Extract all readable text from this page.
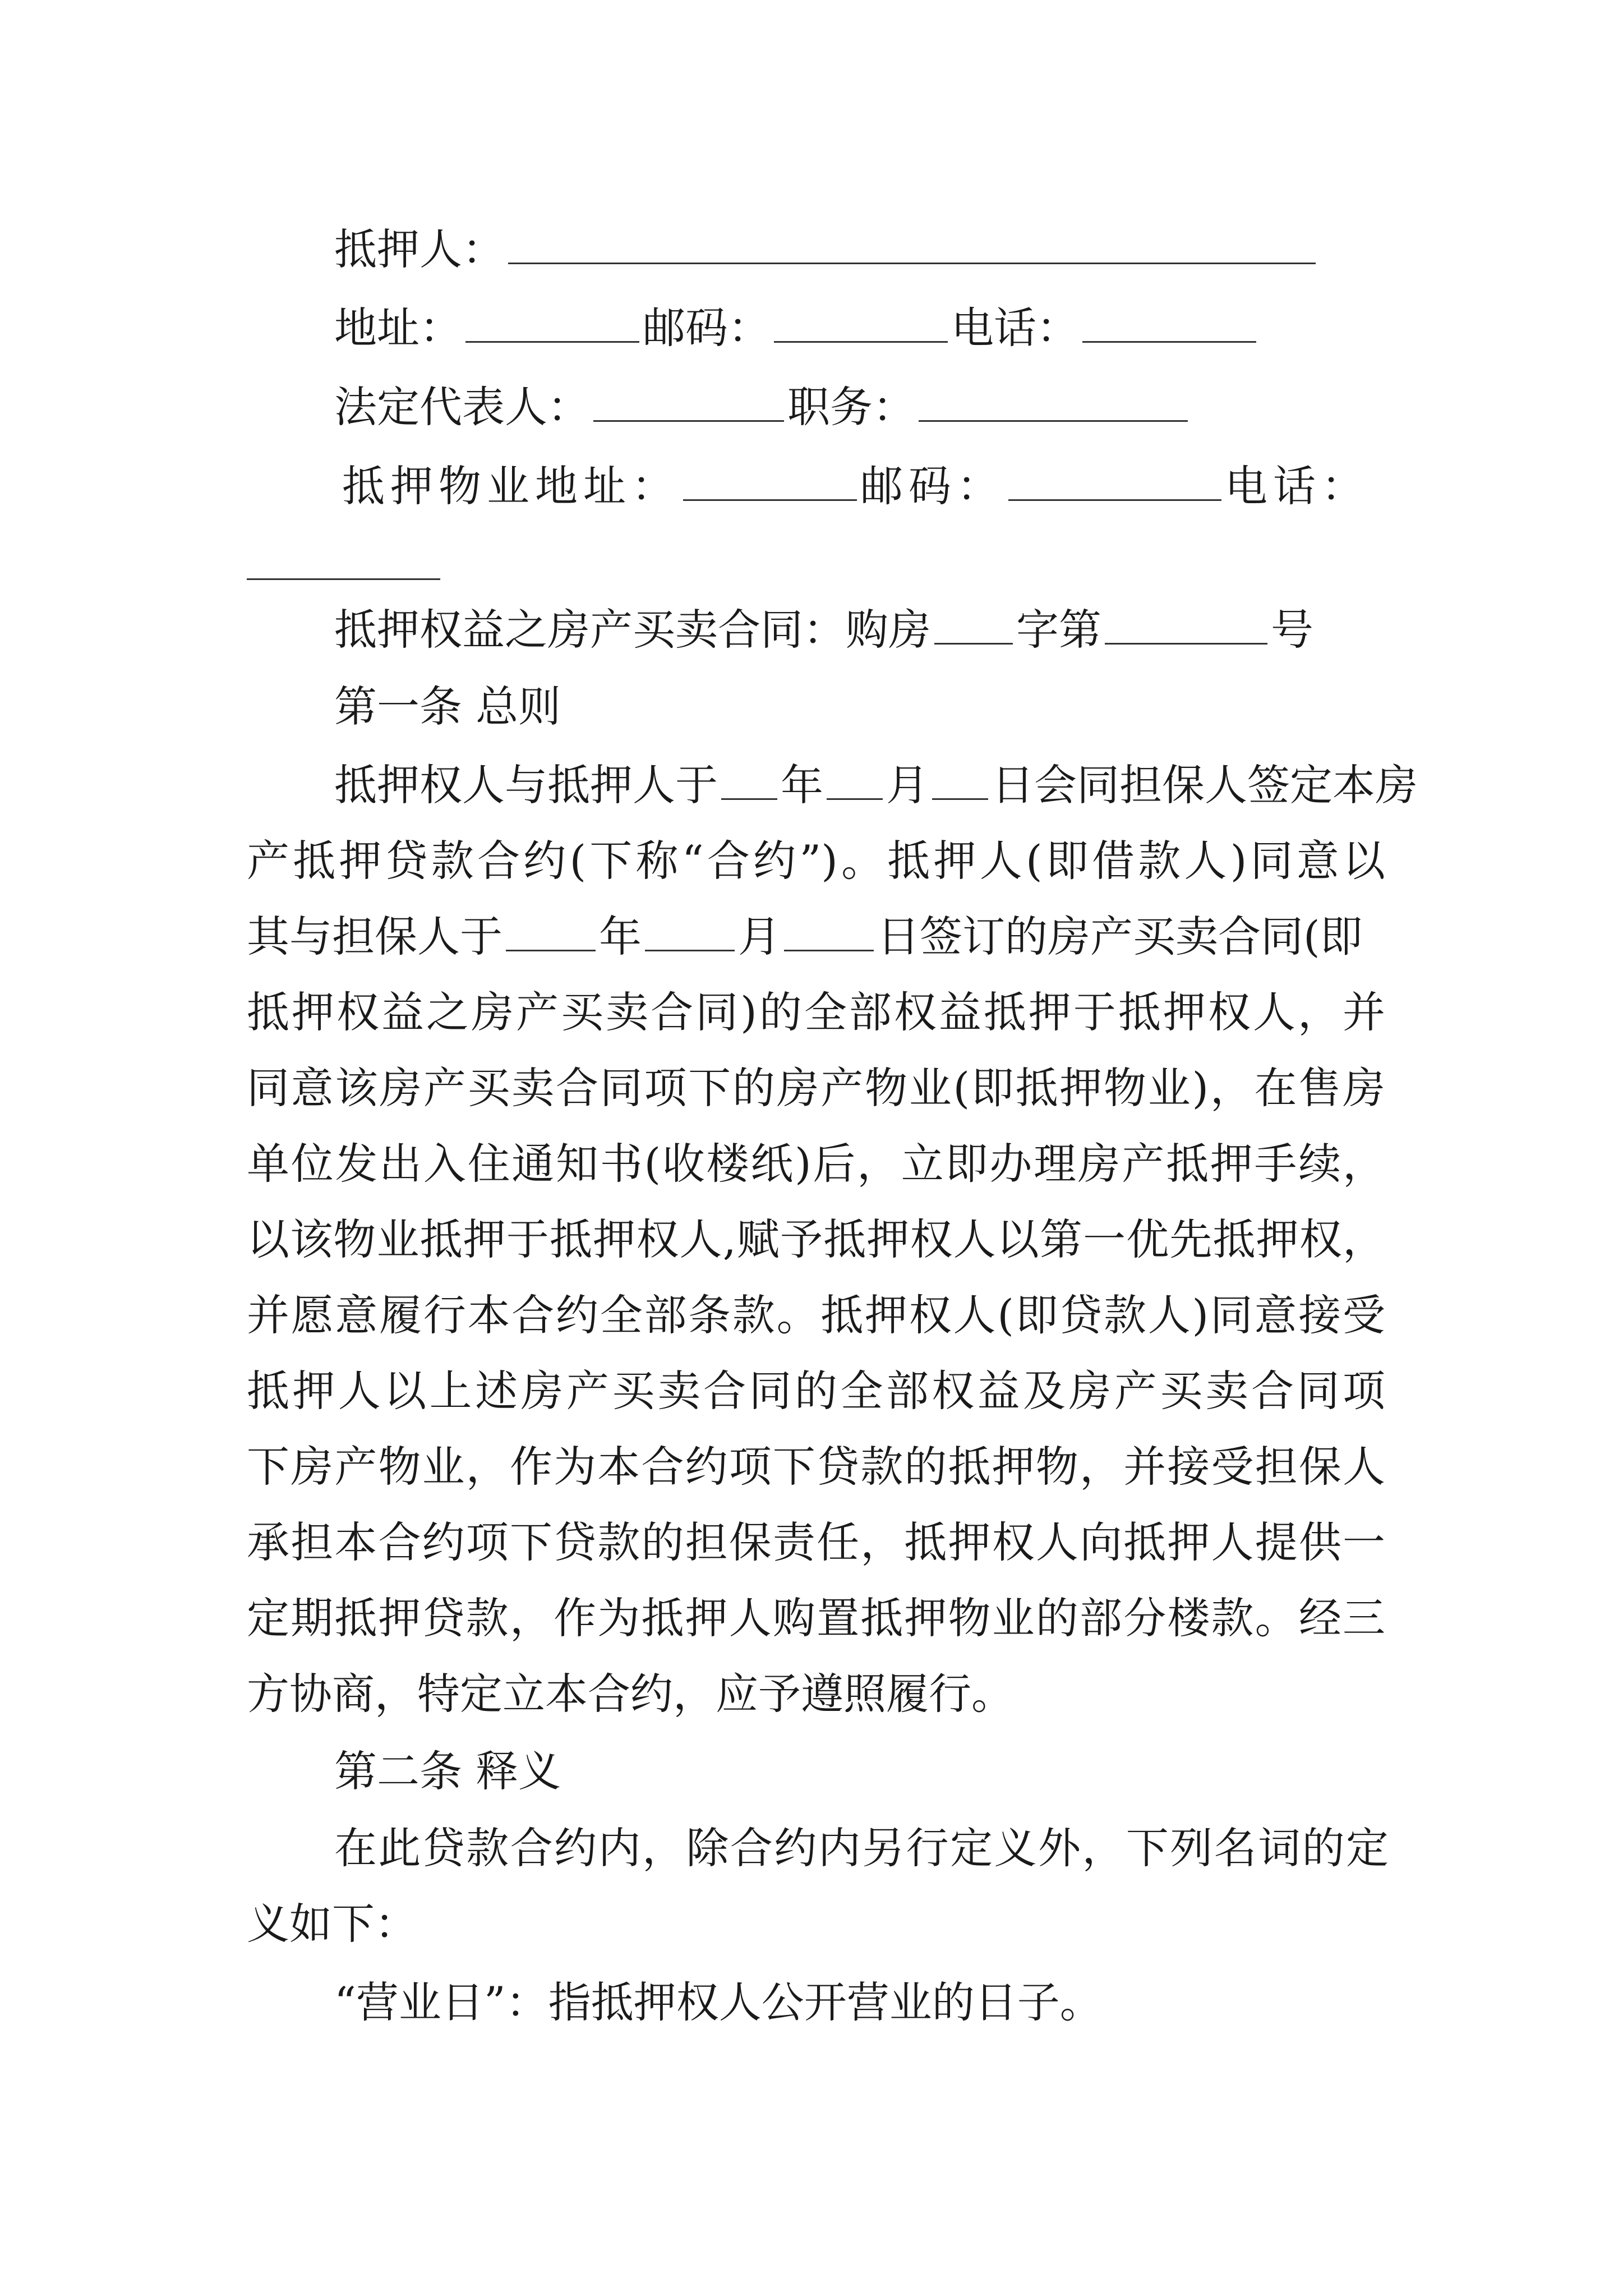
抵押人：
地址：	邮码：	电话：
法定代表人：	职务：
抵押物业地址：	邮码：	电话：
抵押权益之房产买卖合同：购房 字第	号
第一条 总则
抵押权人与抵押人于 年 月 日会同担保人签定本房
产抵押贷款合约(下称“合约”)。抵押人(即借款人)同意以
其与担保人于 年 月 日签订的房产买卖合同(即
抵押权益之房产买卖合同)的全部权益抵押于抵押权人，并
同意该房产买卖合同项下的房产物业(即抵押物业)，在售房
单位发出入住通知书(收楼纸)后，立即办理房产抵押手续，
以该物业抵押于抵押权人,赋予抵押权人以第一优先抵押权，
并愿意履行本合约全部条款。抵押权人(即贷款人)同意接受
抵押人以上述房产买卖合同的全部权益及房产买卖合同项
下房产物业，作为本合约项下贷款的抵押物，并接受担保人
承担本合约项下贷款的担保责任，抵押权人向抵押人提供一
定期抵押贷款，作为抵押人购置抵押物业的部分楼款。经三
方协商，特定立本合约，应予遵照履行。
第二条 释义
在此贷款合约内，除合约内另行定义外，下列名词的定
义如下：
“营业日”：指抵押权人公开营业的日子。
